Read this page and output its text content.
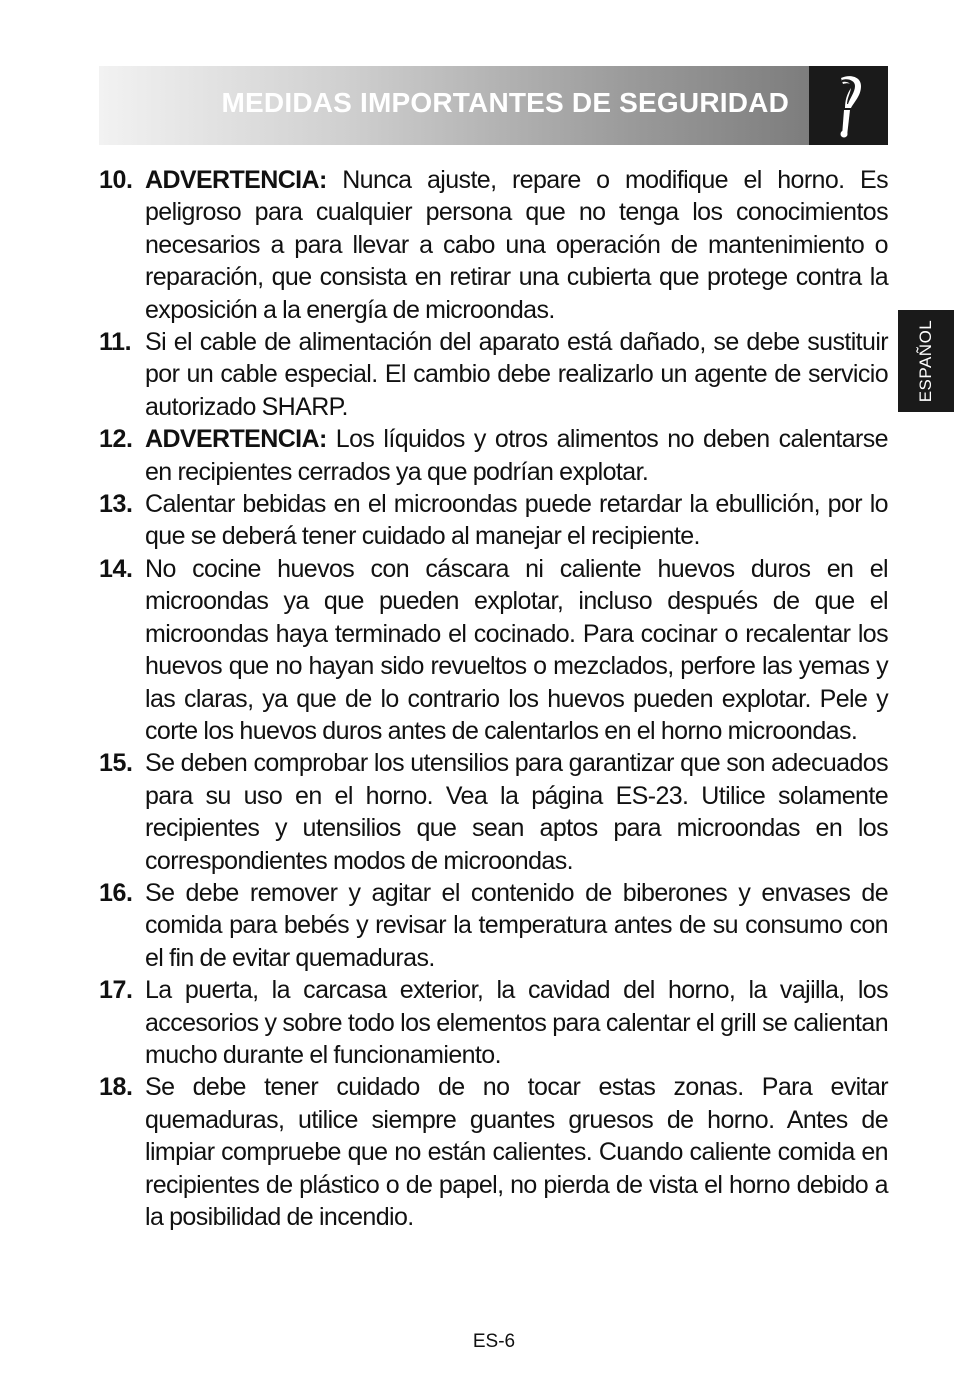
MEDIDAS IMPORTANTES DE SEGURIDAD
ESPAÑOL
10. ADVERTENCIA: Nunca ajuste, repare o modifique el horno. Es peligroso para cualquier persona que no tenga los conocimientos necesarios a para llevar a cabo una operación de mantenimiento o reparación, que consista en retirar una cubierta que protege contra la exposición a la energía de microondas.
11. Si el cable de alimentación del aparato está dañado, se debe sustituir por un cable especial. El cambio debe realizarlo un agente de servicio autorizado SHARP.
12. ADVERTENCIA: Los líquidos y otros alimentos no deben calentarse en recipientes cerrados ya que podrían explotar.
13. Calentar bebidas en el microondas puede retardar la ebullición, por lo que se deberá tener cuidado al manejar el recipiente.
14. No cocine huevos con cáscara ni caliente huevos duros en el microondas ya que pueden explotar, incluso después de que el microondas haya terminado el cocinado. Para cocinar o recalentar los huevos que no hayan sido revueltos o mezclados, perfore las yemas y las claras, ya que de lo contrario los huevos pueden explotar. Pele y corte los huevos duros antes de calentarlos en el horno microondas.
15. Se deben comprobar los utensilios para garantizar que son adecuados para su uso en el horno. Vea la página ES-23. Utilice solamente recipientes y utensilios que sean aptos para microondas en los correspondientes modos de microondas.
16. Se debe remover y agitar el contenido de biberones y envases de comida para bebés y revisar la temperatura antes de su consumo con el fin de evitar quemaduras.
17. La puerta, la carcasa exterior, la cavidad del horno, la vajilla, los accesorios y sobre todo los elementos para calentar el grill se calientan mucho durante el funcionamiento.
18. Se debe tener cuidado de no tocar estas zonas. Para evitar quemaduras, utilice siempre guantes gruesos de horno. Antes de limpiar compruebe que no están calientes. Cuando caliente comida en recipientes de plástico o de papel, no pierda de vista el horno debido a la posibilidad de incendio.
ES-6
